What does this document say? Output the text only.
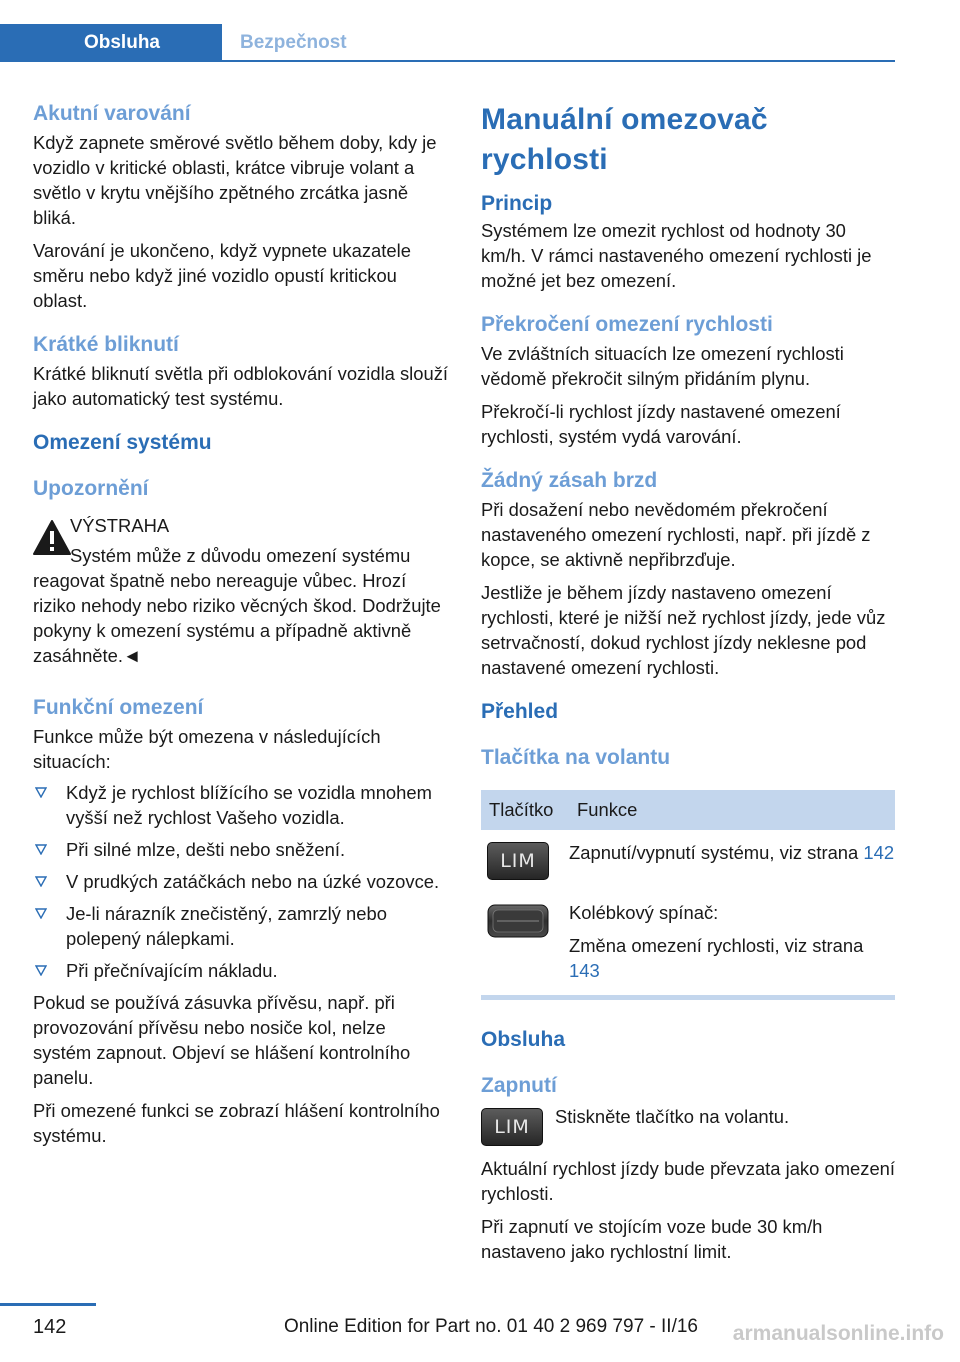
Obsluha	Bezpečnost
Akutní varování

Když zapnete směrové světlo během doby, kdy je vozidlo v kritické oblasti, krátce vibruje volant a světlo v krytu vnějšího zpětného zrcátka jasně bliká.

Varování je ukončeno, když vypnete ukazatele směru nebo když jiné vozidlo opustí kritickou oblast.

Krátké bliknutí

Krátké bliknutí světla při odblokování vozidla slouží jako automatický test systému.

Omezení systému
Upozornění

VÝSTRAHA

Systém může z důvodu omezení systému reagovat špatně nebo nereaguje vůbec. Hrozí riziko nehody nebo riziko věcných škod. Dodržujte pokyny k omezení systému a případně aktivně zasáhněte.◄

Funkční omezení

Funkce může být omezena v následujících situacích:

Když je rychlost blížícího se vozidla mnohem vyšší než rychlost Vašeho vozidla.
Při silné mlze, dešti nebo sněžení.
V prudkých zatáčkách nebo na úzké vozovce.
Je-li nárazník znečistěný, zamrzlý nebo polepený nálepkami.
Při přečnívajícím nákladu.

Pokud se používá zásuvka přívěsu, např. při provozování přívěsu nebo nosiče kol, nelze systém zapnout. Objeví se hlášení kontrolního panelu.

Při omezené funkci se zobrazí hlášení kontrolního systému.

Manuální omezovač rychlosti
Princip

Systémem lze omezit rychlost od hodnoty 30 km/h. V rámci nastaveného omezení rychlosti je možné jet bez omezení.

Překročení omezení rychlosti

Ve zvláštních situacích lze omezení rychlosti vědomě překročit silným přidáním plynu.

Překročí-li rychlost jízdy nastavené omezení rychlosti, systém vydá varování.

Žádný zásah brzd

Při dosažení nebo nevědomém překročení nastaveného omezení rychlosti, např. při jízdě z kopce, se aktivně nepřibrzďuje.

Jestliže je během jízdy nastaveno omezení rychlosti, které je nižší než rychlost jízdy, jede vůz setrvačností, dokud rychlost jízdy neklesne pod nastavené omezení rychlosti.

Přehled
Tlačítka na volantu
Tlačítko	Funkce

LIM	Zapnutí/vypnutí systému, viz strana 142

Kolébkový spínač:

Změna omezení rychlosti, viz strana 143
Obsluha
Zapnutí
LIM	Stiskněte tlačítko na volantu.

Aktuální rychlost jízdy bude převzata jako omezení rychlosti.

Při zapnutí ve stojícím voze bude 30 km/h nastaveno jako rychlostní limit.

142	Online Edition for Part no. 01 40 2 969 797 - II/16 armanualsonline.info
